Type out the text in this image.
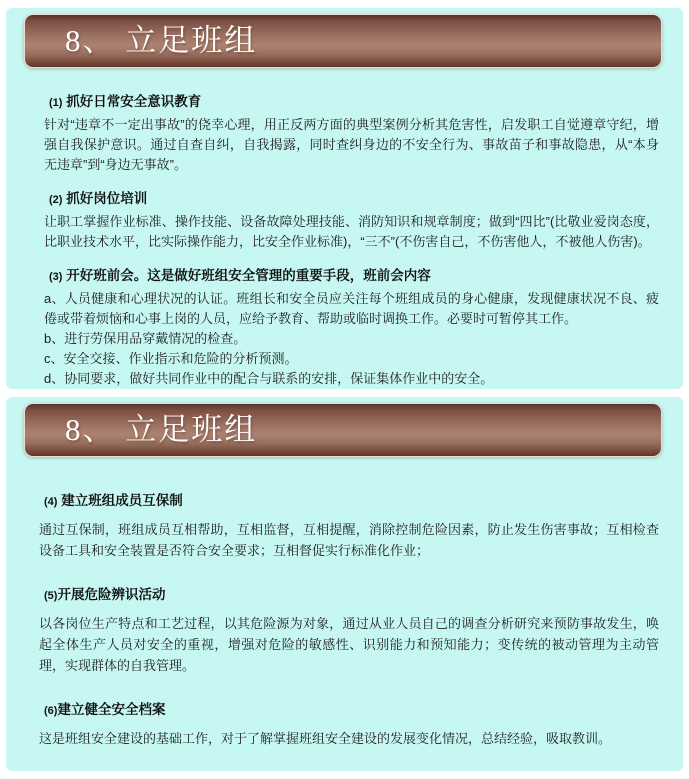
8、 立足班组
(1) 抓好日常安全意识教育

针对“违章不一定出事故”的侥幸心理，用正反两方面的典型案例分析其危害性，启发职工自觉遵章守纪，增强自我保护意识。通过自查自纠，自我揭露，同时查纠身边的不安全行为、事故苗子和事故隐患，从“本身无违章”到“身边无事故”。

(2) 抓好岗位培训

让职工掌握作业标准、操作技能、设备故障处理技能、消防知识和规章制度；做到“四比”(比敬业爱岗态度，比职业技术水平，比实际操作能力，比安全作业标准)，“三不”(不伤害自己，不伤害他人，不被他人伤害)。

(3) 开好班前会。这是做好班组安全管理的重要手段，班前会内容

a、人员健康和心理状况的认证。班组长和安全员应关注每个班组成员的身心健康，发现健康状况不良、疲倦或带着烦恼和心事上岗的人员，应给予教育、帮助或临时调换工作。必要时可暂停其工作。

b、进行劳保用品穿戴情况的检查。

c、安全交接、作业指示和危险的分析预测。

d、协同要求，做好共同作业中的配合与联系的安排，保证集体作业中的安全。

8、 立足班组
(4) 建立班组成员互保制

通过互保制，班组成员互相帮助，互相监督，互相提醒，消除控制危险因素，防止发生伤害事故；互相检查设备工具和安全装置是否符合安全要求；互相督促实行标准化作业；

(5)开展危险辨识活动

以各岗位生产特点和工艺过程，以其危险源为对象，通过从业人员自己的调查分析研究来预防事故发生，唤起全体生产人员对安全的重视，增强对危险的敏感性、识别能力和预知能力；变传统的被动管理为主动管理，实现群体的自我管理。

(6)建立健全安全档案

这是班组安全建设的基础工作，对于了解掌握班组安全建设的发展变化情况，总结经验，吸取教训。
